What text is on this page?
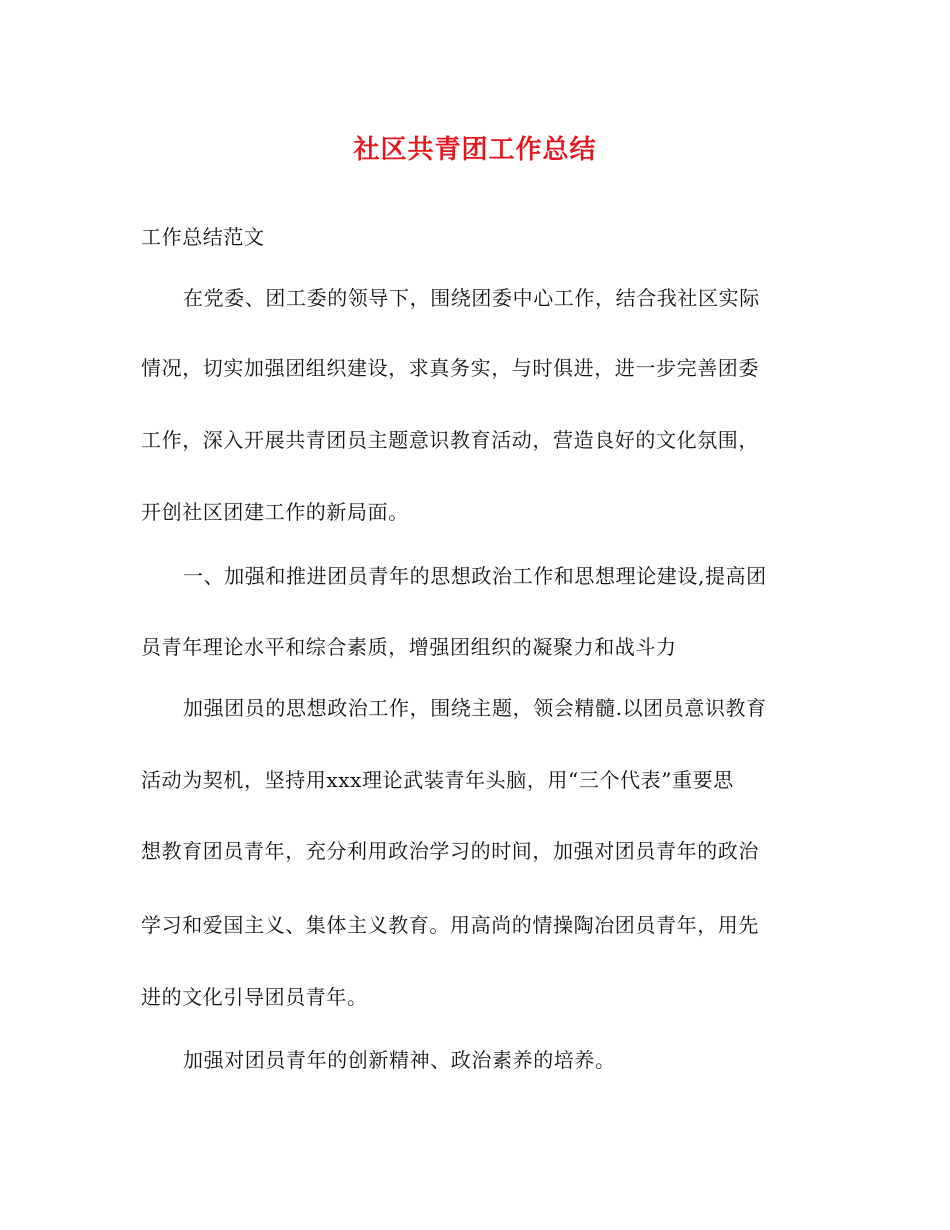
社区共青团工作总结
工作总结范文
在党委、团工委的领导下，围绕团委中心工作，结合我社区实际
情况，切实加强团组织建设，求真务实，与时俱进，进一步完善团委
工作，深入开展共青团员主题意识教育活动，营造良好的文化氛围，
开创社区团建工作的新局面。
一、加强和推进团员青年的思想政治工作和思想理论建设,提高团
员青年理论水平和综合素质，增强团组织的凝聚力和战斗力
加强团员的思想政治工作，围绕主题，领会精髓.以团员意识教育
活动为契机，坚持用xxx理论武装青年头脑，用“三个代表”重要思
想教育团员青年，充分利用政治学习的时间，加强对团员青年的政治
学习和爱国主义、集体主义教育。用高尚的情操陶冶团员青年，用先
进的文化引导团员青年。
加强对团员青年的创新精神、政治素养的培养。
